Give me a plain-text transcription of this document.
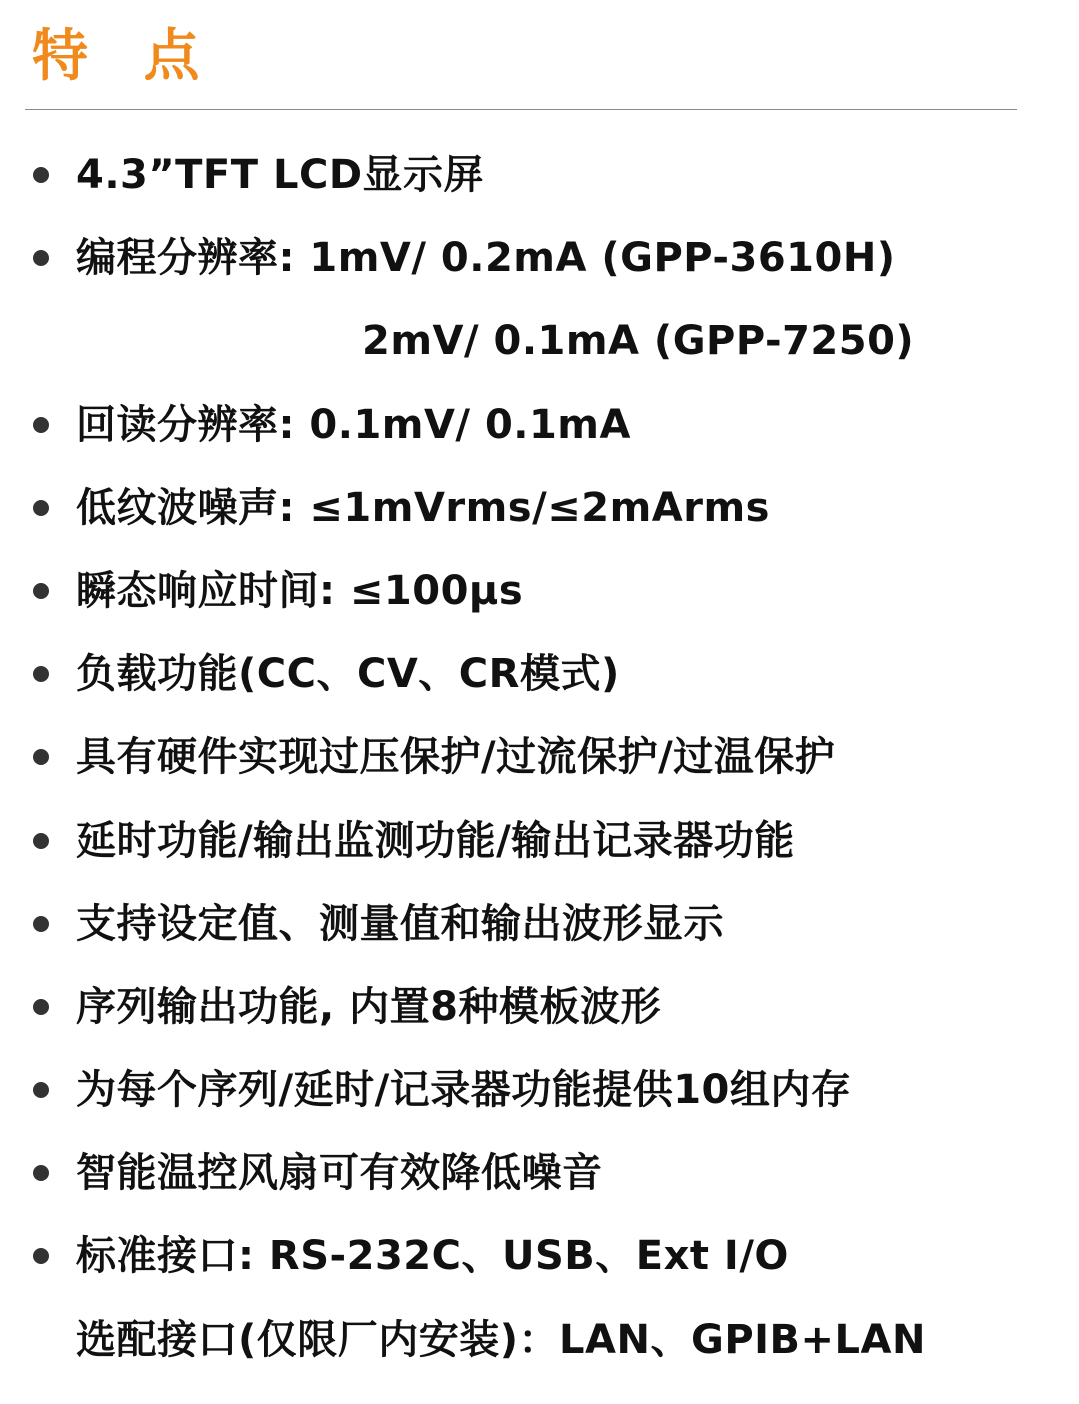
特 点
4.3”TFT LCD显示屏
编程分辨率: 1mV/ 0.2mA (GPP-3610H)
2mV/ 0.1mA (GPP-7250)
回读分辨率: 0.1mV/ 0.1mA
低纹波噪声: ≤1mVrms/≤2mArms
瞬态响应时间: ≤100μs
负载功能(CC、CV、CR模式)
具有硬件实现过压保护/过流保护/过温保护
延时功能/输出监测功能/输出记录器功能
支持设定值、测量值和输出波形显示
序列输出功能, 内置8种模板波形
为每个序列/延时/记录器功能提供10组内存
智能温控风扇可有效降低噪音
标准接口: RS-232C、USB、Ext I/O
选配接口(仅限厂内安装)：LAN、GPIB+LAN
